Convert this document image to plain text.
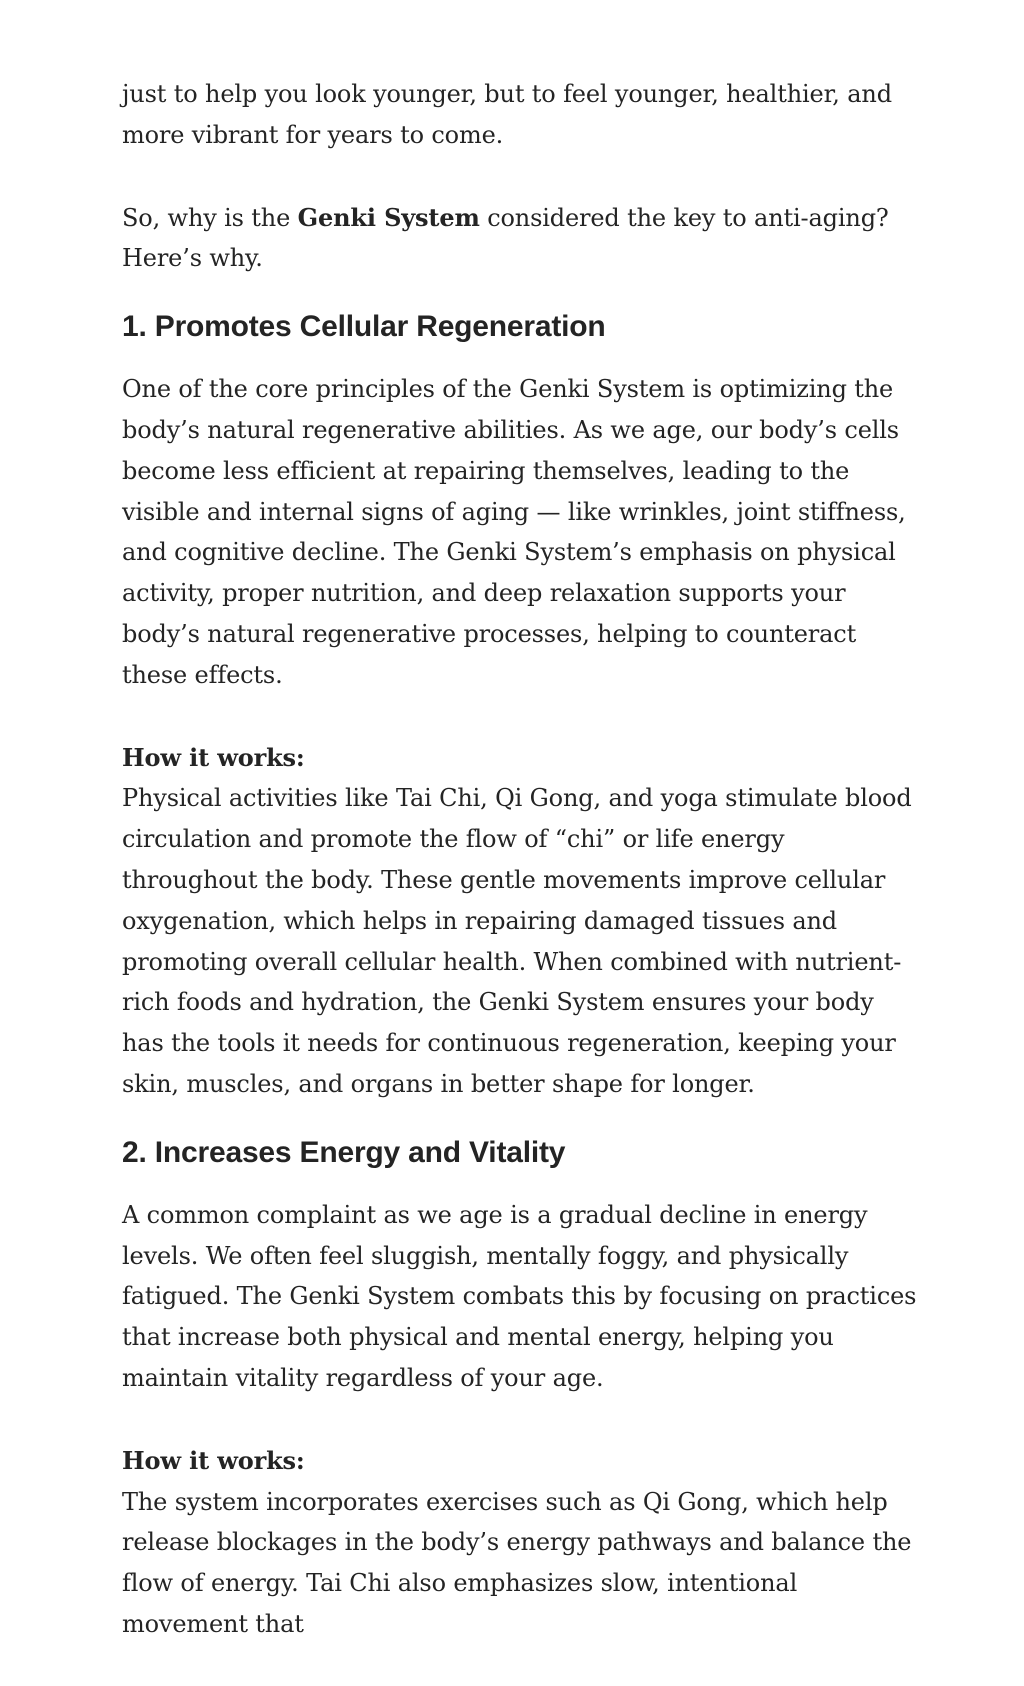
just to help you look younger, but to feel younger, healthier, and more vibrant for years to come.

So, why is the Genki System considered the key to anti-aging? Here’s why.

1. Promotes Cellular Regeneration

One of the core principles of the Genki System is optimizing the body’s natural regenerative abilities. As we age, our body’s cells become less efficient at repairing themselves, leading to the visible and internal signs of aging — like wrinkles, joint stiffness, and cognitive decline. The Genki System’s emphasis on physical activity, proper nutrition, and deep relaxation supports your body’s natural regenerative processes, helping to counteract these effects.

How it works:
Physical activities like Tai Chi, Qi Gong, and yoga stimulate blood circulation and promote the flow of “chi” or life energy throughout the body. These gentle movements improve cellular oxygenation, which helps in repairing damaged tissues and promoting overall cellular health. When combined with nutrient-rich foods and hydration, the Genki System ensures your body has the tools it needs for continuous regeneration, keeping your skin, muscles, and organs in better shape for longer.

2. Increases Energy and Vitality

A common complaint as we age is a gradual decline in energy levels. We often feel sluggish, mentally foggy, and physically fatigued. The Genki System combats this by focusing on practices that increase both physical and mental energy, helping you maintain vitality regardless of your age.

How it works:
The system incorporates exercises such as Qi Gong, which help release blockages in the body’s energy pathways and balance the flow of energy. Tai Chi also emphasizes slow, intentional movement that
